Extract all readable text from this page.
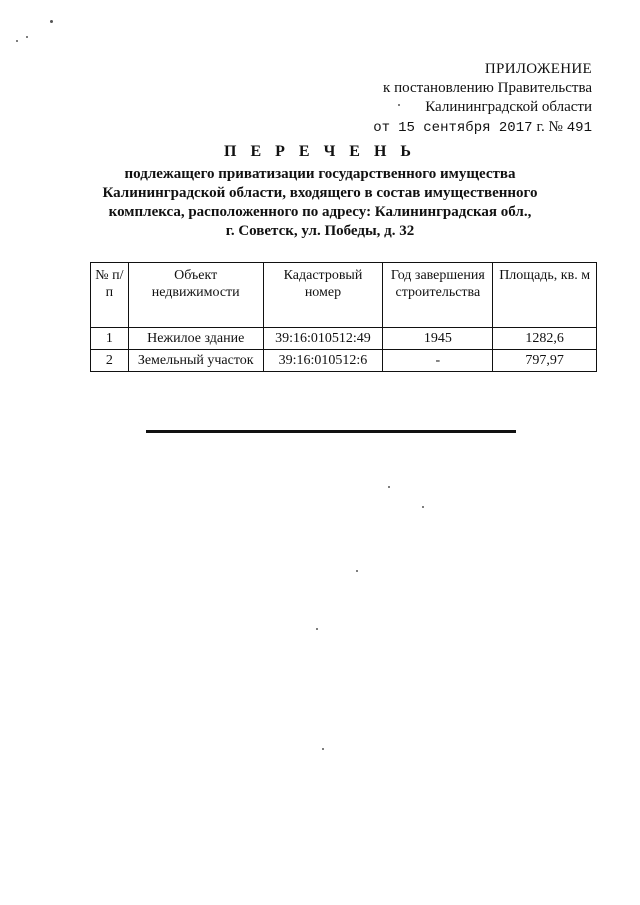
ПРИЛОЖЕНИЕ
к постановлению Правительства
Калининградской области
от 15 сентября 2017 г. № 491
П Е Р Е Ч Е Н Ь
подлежащего приватизации государственного имущества
Калининградской области, входящего в состав имущественного
комплекса, расположенного по адресу: Калининградская обл.,
г. Советск, ул. Победы, д. 32
№ п/п	Объект недвижимости	Кадастровый номер	Год завершения строительства	Площадь, кв. м
1	Нежилое здание	39:16:010512:49	1945	1282,6
2	Земельный участок	39:16:010512:6	-	797,97
